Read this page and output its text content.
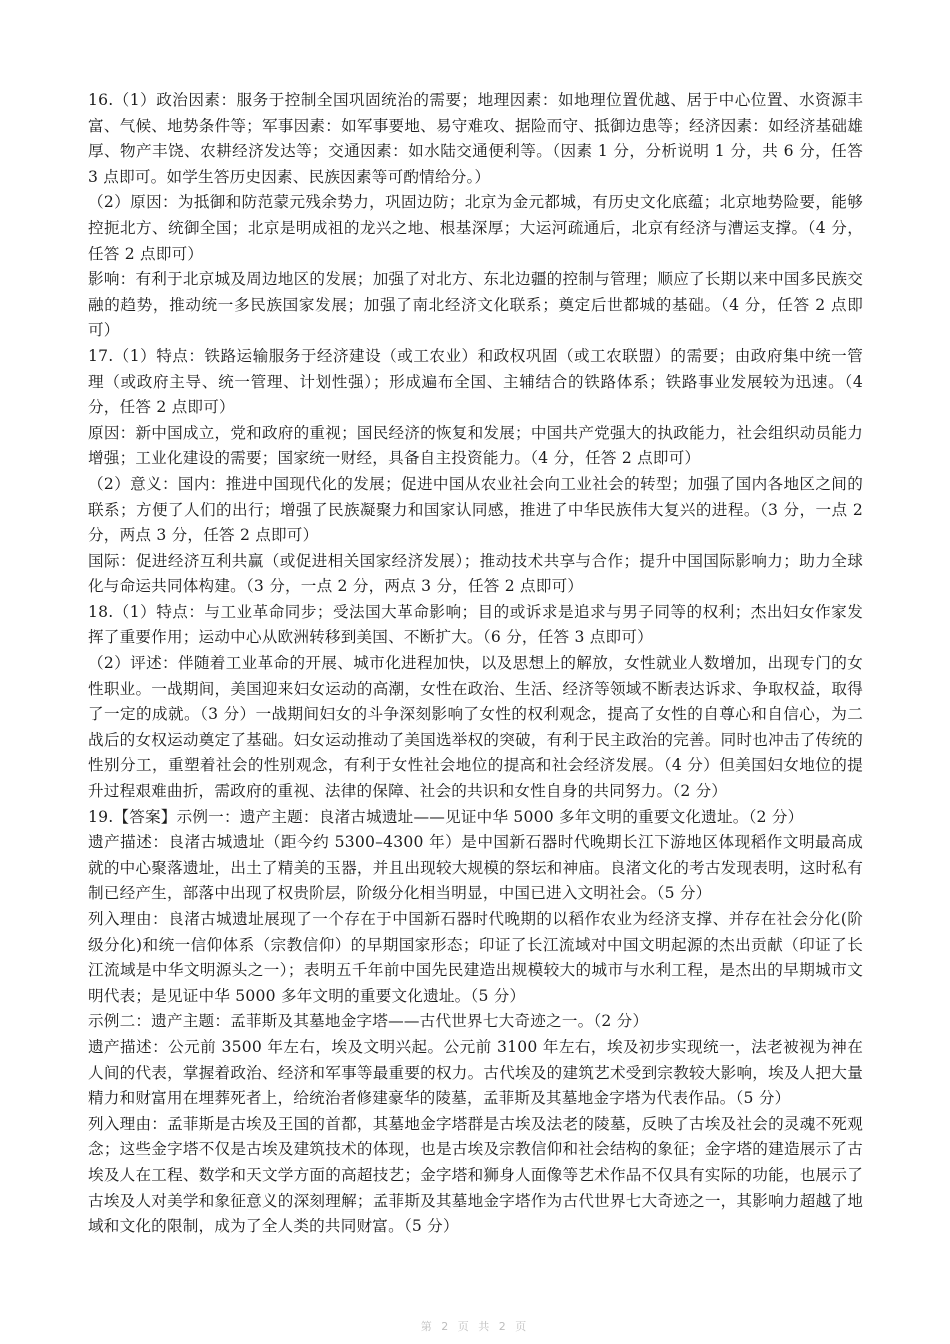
16.（1）政治因素：服务于控制全国巩固统治的需要；地理因素：如地理位置优越、居于中心位置、水资源丰富、气候、地势条件等；军事因素：如军事要地、易守难攻、据险而守、抵御边患等；经济因素：如经济基础雄厚、物产丰饶、农耕经济发达等；交通因素：如水陆交通便利等。（因素 1 分，分析说明 1 分，共 6 分，任答 3 点即可。如学生答历史因素、民族因素等可酌情给分。）

（2）原因：为抵御和防范蒙元残余势力，巩固边防；北京为金元都城，有历史文化底蕴；北京地势险要，能够控扼北方、统御全国；北京是明成祖的龙兴之地、根基深厚；大运河疏通后，北京有经济与漕运支撑。（4 分，任答 2 点即可）

影响：有利于北京城及周边地区的发展；加强了对北方、东北边疆的控制与管理；顺应了长期以来中国多民族交融的趋势，推动统一多民族国家发展；加强了南北经济文化联系；奠定后世都城的基础。（4 分，任答 2 点即可）

17.（1）特点：铁路运输服务于经济建设（或工农业）和政权巩固（或工农联盟）的需要；由政府集中统一管理（或政府主导、统一管理、计划性强）；形成遍布全国、主辅结合的铁路体系；铁路事业发展较为迅速。（4 分，任答 2 点即可）

原因：新中国成立，党和政府的重视；国民经济的恢复和发展；中国共产党强大的执政能力，社会组织动员能力增强；工业化建设的需要；国家统一财经，具备自主投资能力。（4 分，任答 2 点即可）

（2）意义：国内：推进中国现代化的发展；促进中国从农业社会向工业社会的转型；加强了国内各地区之间的联系；方便了人们的出行；增强了民族凝聚力和国家认同感，推进了中华民族伟大复兴的进程。（3 分，一点 2 分，两点 3 分，任答 2 点即可）

国际：促进经济互利共赢（或促进相关国家经济发展）；推动技术共享与合作；提升中国国际影响力；助力全球化与命运共同体构建。（3 分，一点 2 分，两点 3 分，任答 2 点即可）

18.（1）特点：与工业革命同步；受法国大革命影响；目的或诉求是追求与男子同等的权利；杰出妇女作家发挥了重要作用；运动中心从欧洲转移到美国、不断扩大。（6 分，任答 3 点即可）

（2）评述：伴随着工业革命的开展、城市化进程加快，以及思想上的解放，女性就业人数增加，出现专门的女性职业。一战期间，美国迎来妇女运动的高潮，女性在政治、生活、经济等领域不断表达诉求、争取权益，取得了一定的成就。（3 分）一战期间妇女的斗争深刻影响了女性的权利观念，提高了女性的自尊心和自信心，为二战后的女权运动奠定了基础。妇女运动推动了美国选举权的突破，有利于民主政治的完善。同时也冲击了传统的性别分工，重塑着社会的性别观念，有利于女性社会地位的提高和社会经济发展。（4 分）但美国妇女地位的提升过程艰难曲折，需政府的重视、法律的保障、社会的共识和女性自身的共同努力。（2 分）

19.【答案】示例一：遗产主题：良渚古城遗址——见证中华 5000 多年文明的重要文化遗址。（2 分）

遗产描述：良渚古城遗址（距今约 5300–4300 年）是中国新石器时代晚期长江下游地区体现稻作文明最高成就的中心聚落遗址，出土了精美的玉器，并且出现较大规模的祭坛和神庙。良渚文化的考古发现表明，这时私有制已经产生，部落中出现了权贵阶层，阶级分化相当明显，中国已进入文明社会。（5 分）

列入理由：良渚古城遗址展现了一个存在于中国新石器时代晚期的以稻作农业为经济支撑、并存在社会分化(阶级分化)和统一信仰体系（宗教信仰）的早期国家形态；印证了长江流域对中国文明起源的杰出贡献（印证了长江流域是中华文明源头之一）；表明五千年前中国先民建造出规模较大的城市与水利工程，是杰出的早期城市文明代表；是见证中华 5000 多年文明的重要文化遗址。（5 分）

示例二：遗产主题：孟菲斯及其墓地金字塔——古代世界七大奇迹之一。（2 分）

遗产描述：公元前 3500 年左右，埃及文明兴起。公元前 3100 年左右，埃及初步实现统一，法老被视为神在人间的代表，掌握着政治、经济和军事等最重要的权力。古代埃及的建筑艺术受到宗教较大影响，埃及人把大量精力和财富用在埋葬死者上，给统治者修建豪华的陵墓，孟菲斯及其墓地金字塔为代表作品。（5 分）

列入理由：孟菲斯是古埃及王国的首都，其墓地金字塔群是古埃及法老的陵墓，反映了古埃及社会的灵魂不死观念；这些金字塔不仅是古埃及建筑技术的体现，也是古埃及宗教信仰和社会结构的象征；金字塔的建造展示了古埃及人在工程、数学和天文学方面的高超技艺；金字塔和狮身人面像等艺术作品不仅具有实际的功能，也展示了古埃及人对美学和象征意义的深刻理解；孟菲斯及其墓地金字塔作为古代世界七大奇迹之一，其影响力超越了地域和文化的限制，成为了全人类的共同财富。（5 分）

第 2 页 共 2 页
